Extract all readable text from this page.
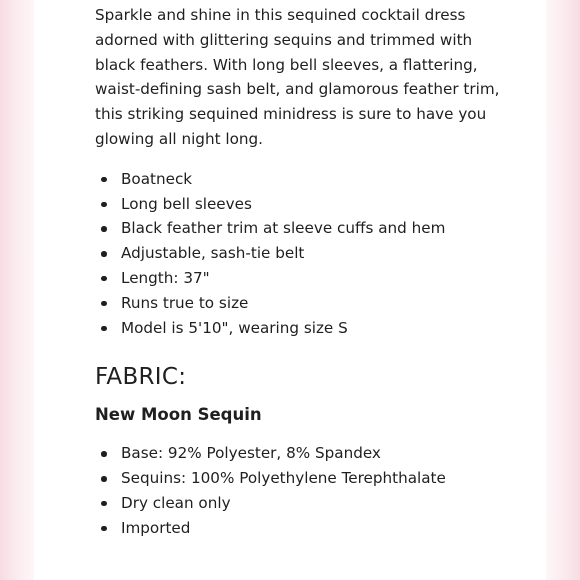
Sparkle and shine in this sequined cocktail dress adorned with glittering sequins and trimmed with black feathers. With long bell sleeves, a flattering, waist-defining sash belt, and glamorous feather trim, this striking sequined minidress is sure to have you glowing all night long.

Boatneck
Long bell sleeves
Black feather trim at sleeve cuffs and hem
Adjustable, sash-tie belt
Length: 37"
Runs true to size
Model is 5'10", wearing size S
FABRIC:
New Moon Sequin
Base: 92% Polyester, 8% Spandex
Sequins: 100% Polyethylene Terephthalate
Dry clean only
Imported
